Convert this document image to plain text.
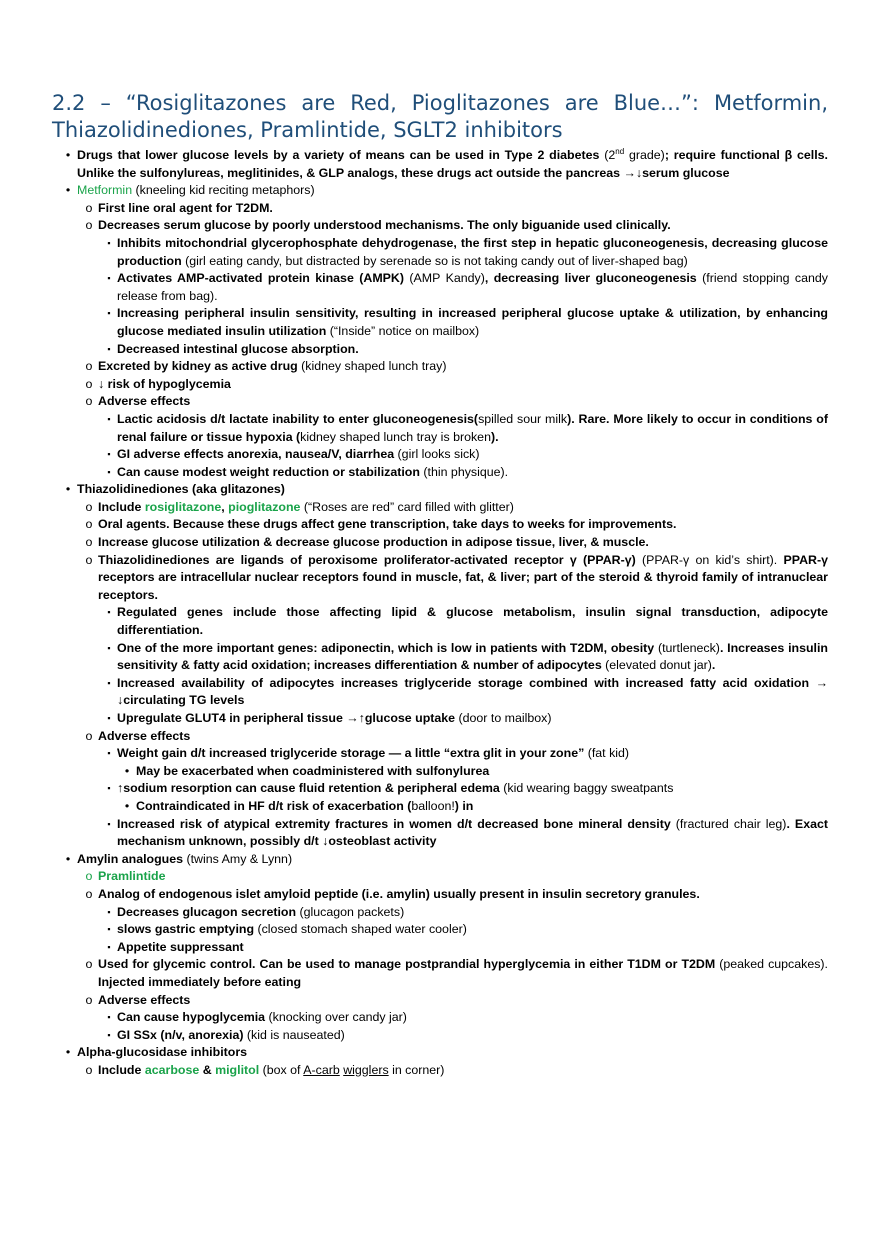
2.2 – “Rosiglitazones are Red, Pioglitazones are Blue…”: Metformin, Thiazolidinediones, Pramlintide, SGLT2 inhibitors
•
Drugs that lower glucose levels by a variety of means can be used in Type 2 diabetes (2nd grade); require functional β cells. Unlike the sulfonylureas, meglitinides, & GLP analogs, these drugs act outside the pancreas →↓serum glucose
•
Metformin (kneeling kid reciting metaphors)
o
First line oral agent for T2DM.
o
Decreases serum glucose by poorly understood mechanisms. The only biguanide used clinically.
▪
Inhibits mitochondrial glycerophosphate dehydrogenase, the first step in hepatic gluconeogenesis, decreasing glucose production (girl eating candy, but distracted by serenade so is not taking candy out of liver-shaped bag)
▪
Activates AMP-activated protein kinase (AMPK) (AMP Kandy), decreasing liver gluconeogenesis (friend stopping candy release from bag).
▪
Increasing peripheral insulin sensitivity, resulting in increased peripheral glucose uptake & utilization, by enhancing glucose mediated insulin utilization (“Inside” notice on mailbox)
▪
Decreased intestinal glucose absorption.
o
Excreted by kidney as active drug (kidney shaped lunch tray)
o
↓ risk of hypoglycemia
o
Adverse effects
▪
Lactic acidosis d/t lactate inability to enter gluconeogenesis(spilled sour milk). Rare. More likely to occur in conditions of renal failure or tissue hypoxia (kidney shaped lunch tray is broken).
▪
GI adverse effects anorexia, nausea/V, diarrhea (girl looks sick)
▪
Can cause modest weight reduction or stabilization (thin physique).
•
Thiazolidinediones (aka glitazones)
o
Include rosiglitazone, pioglitazone (“Roses are red” card filled with glitter)
o
Oral agents. Because these drugs affect gene transcription, take days to weeks for improvements.
o
Increase glucose utilization & decrease glucose production in adipose tissue, liver, & muscle.
o
Thiazolidinediones are ligands of peroxisome proliferator-activated receptor γ (PPAR-γ) (PPAR-γ on kid’s shirt). PPAR-γ receptors are intracellular nuclear receptors found in muscle, fat, & liver; part of the steroid & thyroid family of intranuclear receptors.
▪
Regulated genes include those affecting lipid & glucose metabolism, insulin signal transduction, adipocyte differentiation.
▪
One of the more important genes: adiponectin, which is low in patients with T2DM, obesity (turtleneck). Increases insulin sensitivity & fatty acid oxidation; increases differentiation & number of adipocytes (elevated donut jar).
▪
Increased availability of adipocytes increases triglyceride storage combined with increased fatty acid oxidation → ↓circulating TG levels
▪
Upregulate GLUT4 in peripheral tissue →↑glucose uptake (door to mailbox)
o
Adverse effects
▪
Weight gain d/t increased triglyceride storage — a little “extra glit in your zone” (fat kid)
•
May be exacerbated when coadministered with sulfonylurea
▪
↑sodium resorption can cause fluid retention & peripheral edema (kid wearing baggy sweatpants
•
Contraindicated in HF d/t risk of exacerbation (balloon!) in
▪
Increased risk of atypical extremity fractures in women d/t decreased bone mineral density (fractured chair leg). Exact mechanism unknown, possibly d/t ↓osteoblast activity
•
Amylin analogues (twins Amy & Lynn)
o
Pramlintide
o
Analog of endogenous islet amyloid peptide (i.e. amylin) usually present in insulin secretory granules.
▪
Decreases glucagon secretion (glucagon packets)
▪
slows gastric emptying (closed stomach shaped water cooler)
▪
Appetite suppressant
o
Used for glycemic control. Can be used to manage postprandial hyperglycemia in either T1DM or T2DM (peaked cupcakes). Injected immediately before eating
o
Adverse effects
▪
Can cause hypoglycemia (knocking over candy jar)
▪
GI SSx (n/v, anorexia) (kid is nauseated)
•
Alpha-glucosidase inhibitors
o
Include acarbose & miglitol (box of A-carb wigglers in corner)
